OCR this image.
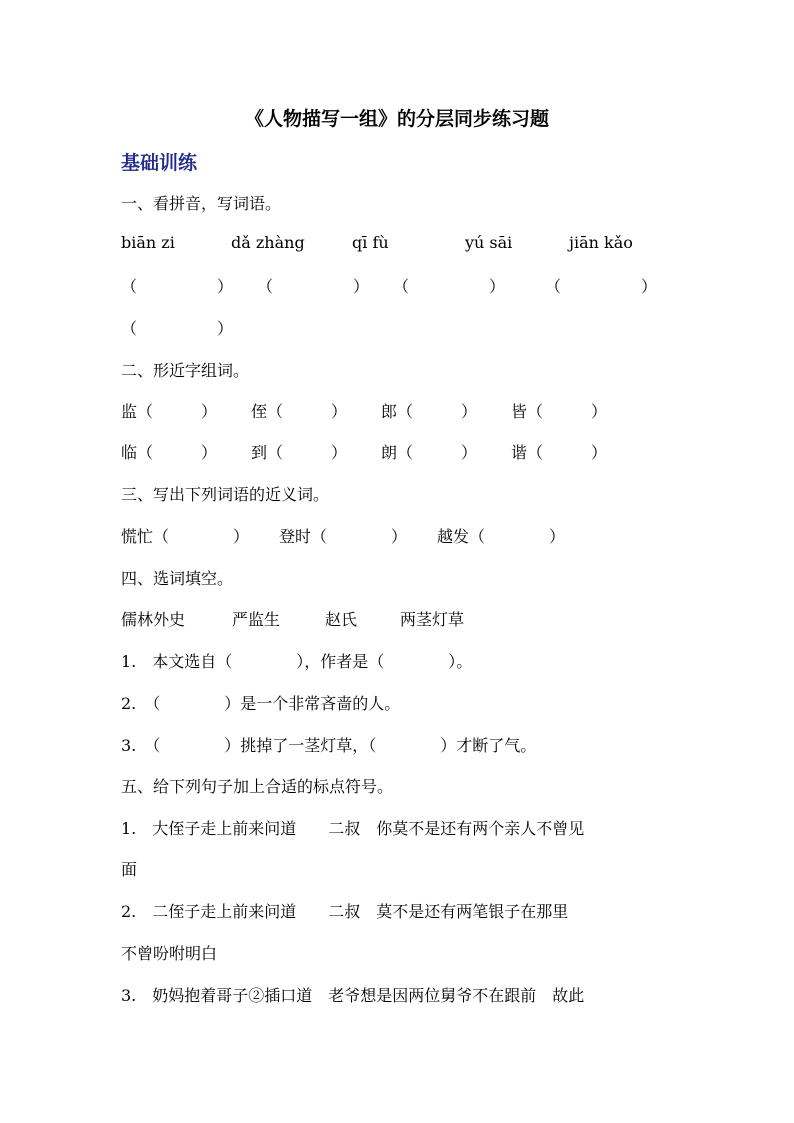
《人物描写一组》的分层同步练习题
基础训练
一、看拼音，写词语。
biān zi	dǎ zhàng	qī fù	yú sāi	jiān kǎo
（　　　　　） （　　　　　） （　　　　　） （　　　　　）
（　　　　　）
二、形近字组词。
监（　　　） 侄（　　　） 郎（　　　） 皆（　　　）
临（　　　） 到（　　　） 朗（　　　） 谐（　　　）
三、写出下列词语的近义词。
慌忙（　　　　） 登时（　　　　） 越发（　　　　）
四、选词填空。
儒林外史	严监生	赵氏	两茎灯草
1.　本文选自（　　　　），作者是（　　　　）。
2.　（　　　　）是一个非常吝啬的人。
3.　（　　　　）挑掉了一茎灯草，（　　　　）才断了气。
五、给下列句子加上合适的标点符号。
1.　大侄子走上前来问道　　二叔　你莫不是还有两个亲人不曾见
面
2.　二侄子走上前来问道　　二叔　莫不是还有两笔银子在那里
不曾吩咐明白
3.　奶妈抱着哥子②插口道　老爷想是因两位舅爷不在跟前　故此
